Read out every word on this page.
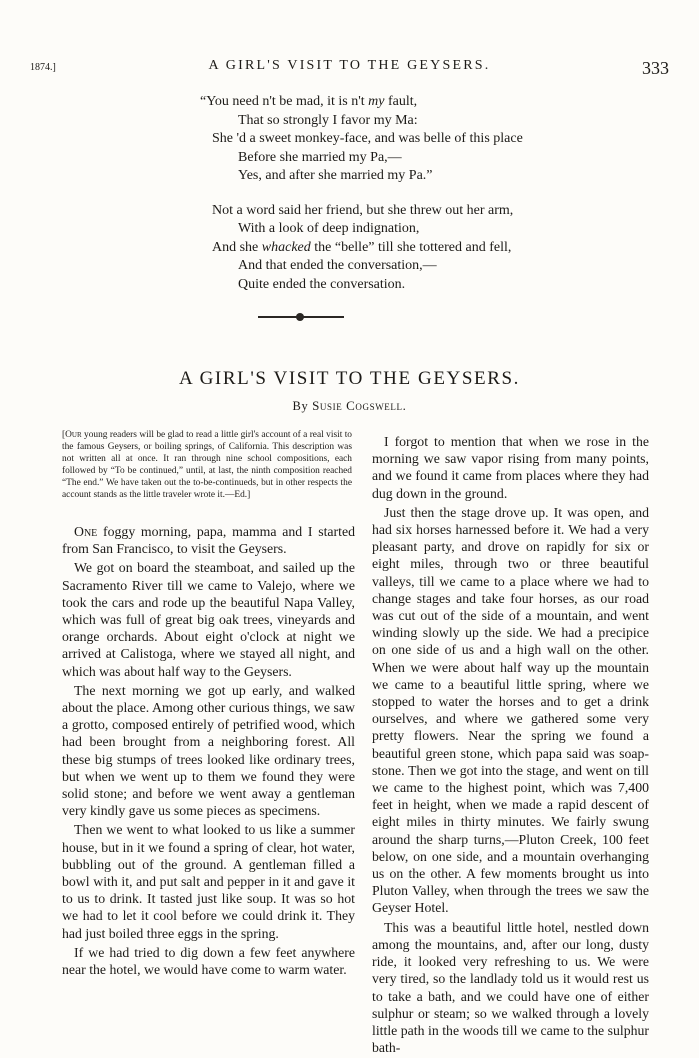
1874.]	A GIRL'S VISIT TO THE GEYSERS.	333
“You need n't be mad, it is n't my fault,
That so strongly I favor my Ma:
She 'd a sweet monkey-face, and was belle of this place
Before she married my Pa,—
Yes, and after she married my Pa.”
Not a word said her friend, but she threw out her arm,
With a look of deep indignation,
And she whacked the “belle” till she tottered and fell,
And that ended the conversation,—
Quite ended the conversation.
A GIRL'S VISIT TO THE GEYSERS.
By Susie Cogswell.
[Our young readers will be glad to read a little girl's account of a real visit to the famous Geysers, or boiling springs, of California. This description was not written all at once. It ran through nine school compositions, each followed by “To be continued,” until, at last, the ninth composition reached “The end.” We have taken out the to-be-continueds, but in other respects the account stands as the little traveler wrote it.—Ed.]

One foggy morning, papa, mamma and I started from San Francisco, to visit the Geysers.

We got on board the steamboat, and sailed up the Sacramento River till we came to Valejo, where we took the cars and rode up the beautiful Napa Valley, which was full of great big oak trees, vineyards and orange orchards. About eight o'clock at night we arrived at Calistoga, where we stayed all night, and which was about half way to the Geysers.

The next morning we got up early, and walked about the place. Among other curious things, we saw a grotto, composed entirely of petrified wood, which had been brought from a neighboring forest. All these big stumps of trees looked like ordinary trees, but when we went up to them we found they were solid stone; and before we went away a gentleman very kindly gave us some pieces as specimens.

Then we went to what looked to us like a summer house, but in it we found a spring of clear, hot water, bubbling out of the ground. A gentleman filled a bowl with it, and put salt and pepper in it and gave it to us to drink. It tasted just like soup. It was so hot we had to let it cool before we could drink it. They had just boiled three eggs in the spring.

If we had tried to dig down a few feet anywhere near the hotel, we would have come to warm water.

I forgot to mention that when we rose in the morning we saw vapor rising from many points, and we found it came from places where they had dug down in the ground.

Just then the stage drove up. It was open, and had six horses harnessed before it. We had a very pleasant party, and drove on rapidly for six or eight miles, through two or three beautiful valleys, till we came to a place where we had to change stages and take four horses, as our road was cut out of the side of a mountain, and went winding slowly up the side. We had a precipice on one side of us and a high wall on the other. When we were about half way up the mountain we came to a beautiful little spring, where we stopped to water the horses and to get a drink ourselves, and where we gathered some very pretty flowers. Near the spring we found a beautiful green stone, which papa said was soap-stone. Then we got into the stage, and went on till we came to the highest point, which was 7,400 feet in height, when we made a rapid descent of eight miles in thirty minutes. We fairly swung around the sharp turns,—Pluton Creek, 100 feet below, on one side, and a mountain overhanging us on the other. A few moments brought us into Pluton Valley, when through the trees we saw the Geyser Hotel.

This was a beautiful little hotel, nestled down among the mountains, and, after our long, dusty ride, it looked very refreshing to us. We were very tired, so the landlady told us it would rest us to take a bath, and we could have one of either sulphur or steam; so we walked through a lovely little path in the woods till we came to the sulphur bath-
